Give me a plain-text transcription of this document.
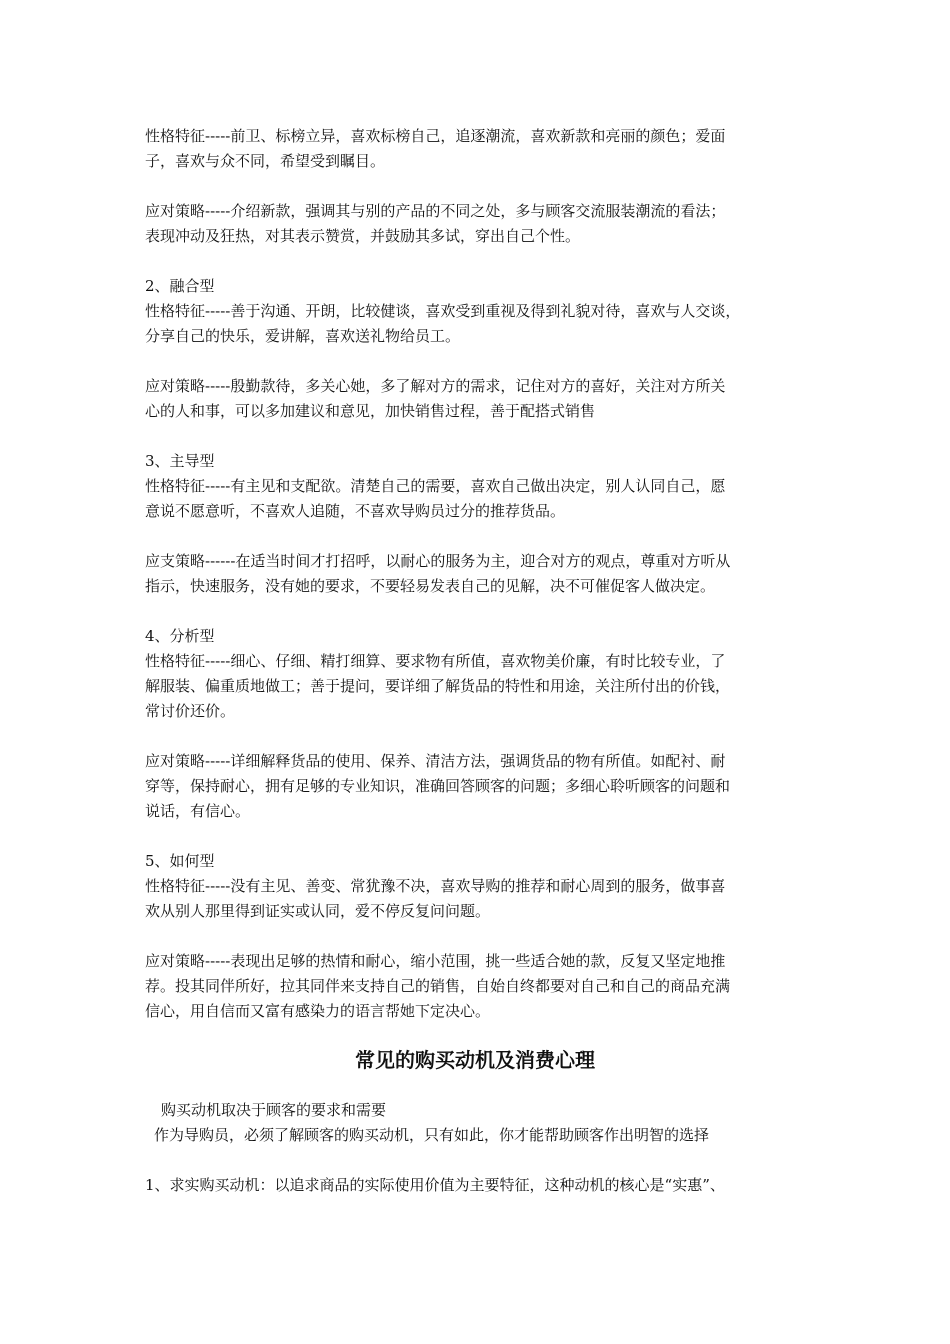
性格特征-----前卫、标榜立异，喜欢标榜自己，追逐潮流，喜欢新款和亮丽的颜色；爱面
子，喜欢与众不同，希望受到瞩目。
应对策略-----介绍新款，强调其与别的产品的不同之处，多与顾客交流服装潮流的看法；
表现冲动及狂热，对其表示赞赏，并鼓励其多试，穿出自己个性。
2、融合型
性格特征-----善于沟通、开朗，比较健谈，喜欢受到重视及得到礼貌对待，喜欢与人交谈，
分享自己的快乐，爱讲解，喜欢送礼物给员工。
应对策略-----殷勤款待，多关心她，多了解对方的需求，记住对方的喜好，关注对方所关
心的人和事，可以多加建议和意见，加快销售过程，善于配搭式销售
3、主导型
性格特征-----有主见和支配欲。清楚自己的需要，喜欢自己做出决定，别人认同自己，愿
意说不愿意听，不喜欢人追随，不喜欢导购员过分的推荐货品。
应支策略------在适当时间才打招呼，以耐心的服务为主，迎合对方的观点，尊重对方听从
指示，快速服务，没有她的要求，不要轻易发表自己的见解，决不可催促客人做决定。
4、分析型
性格特征-----细心、仔细、精打细算、要求物有所值，喜欢物美价廉，有时比较专业，了
解服装、偏重质地做工；善于提问，要详细了解货品的特性和用途，关注所付出的价钱，
常讨价还价。
应对策略-----详细解释货品的使用、保养、清洁方法，强调货品的物有所值。如配衬、耐
穿等，保持耐心，拥有足够的专业知识，准确回答顾客的问题；多细心聆听顾客的问题和
说话，有信心。
5、如何型
性格特征-----没有主见、善变、常犹豫不决，喜欢导购的推荐和耐心周到的服务，做事喜
欢从别人那里得到证实或认同，爱不停反复问问题。
应对策略-----表现出足够的热情和耐心，缩小范围，挑一些适合她的款，反复又坚定地推
荐。投其同伴所好，拉其同伴来支持自己的销售，自始自终都要对自己和自己的商品充满
信心，用自信而又富有感染力的语言帮她下定决心。
常见的购买动机及消费心理
购买动机取决于顾客的要求和需要
作为导购员，必须了解顾客的购买动机，只有如此，你才能帮助顾客作出明智的选择
1、求实购买动机：以追求商品的实际使用价值为主要特征，这种动机的核心是“实惠”、
